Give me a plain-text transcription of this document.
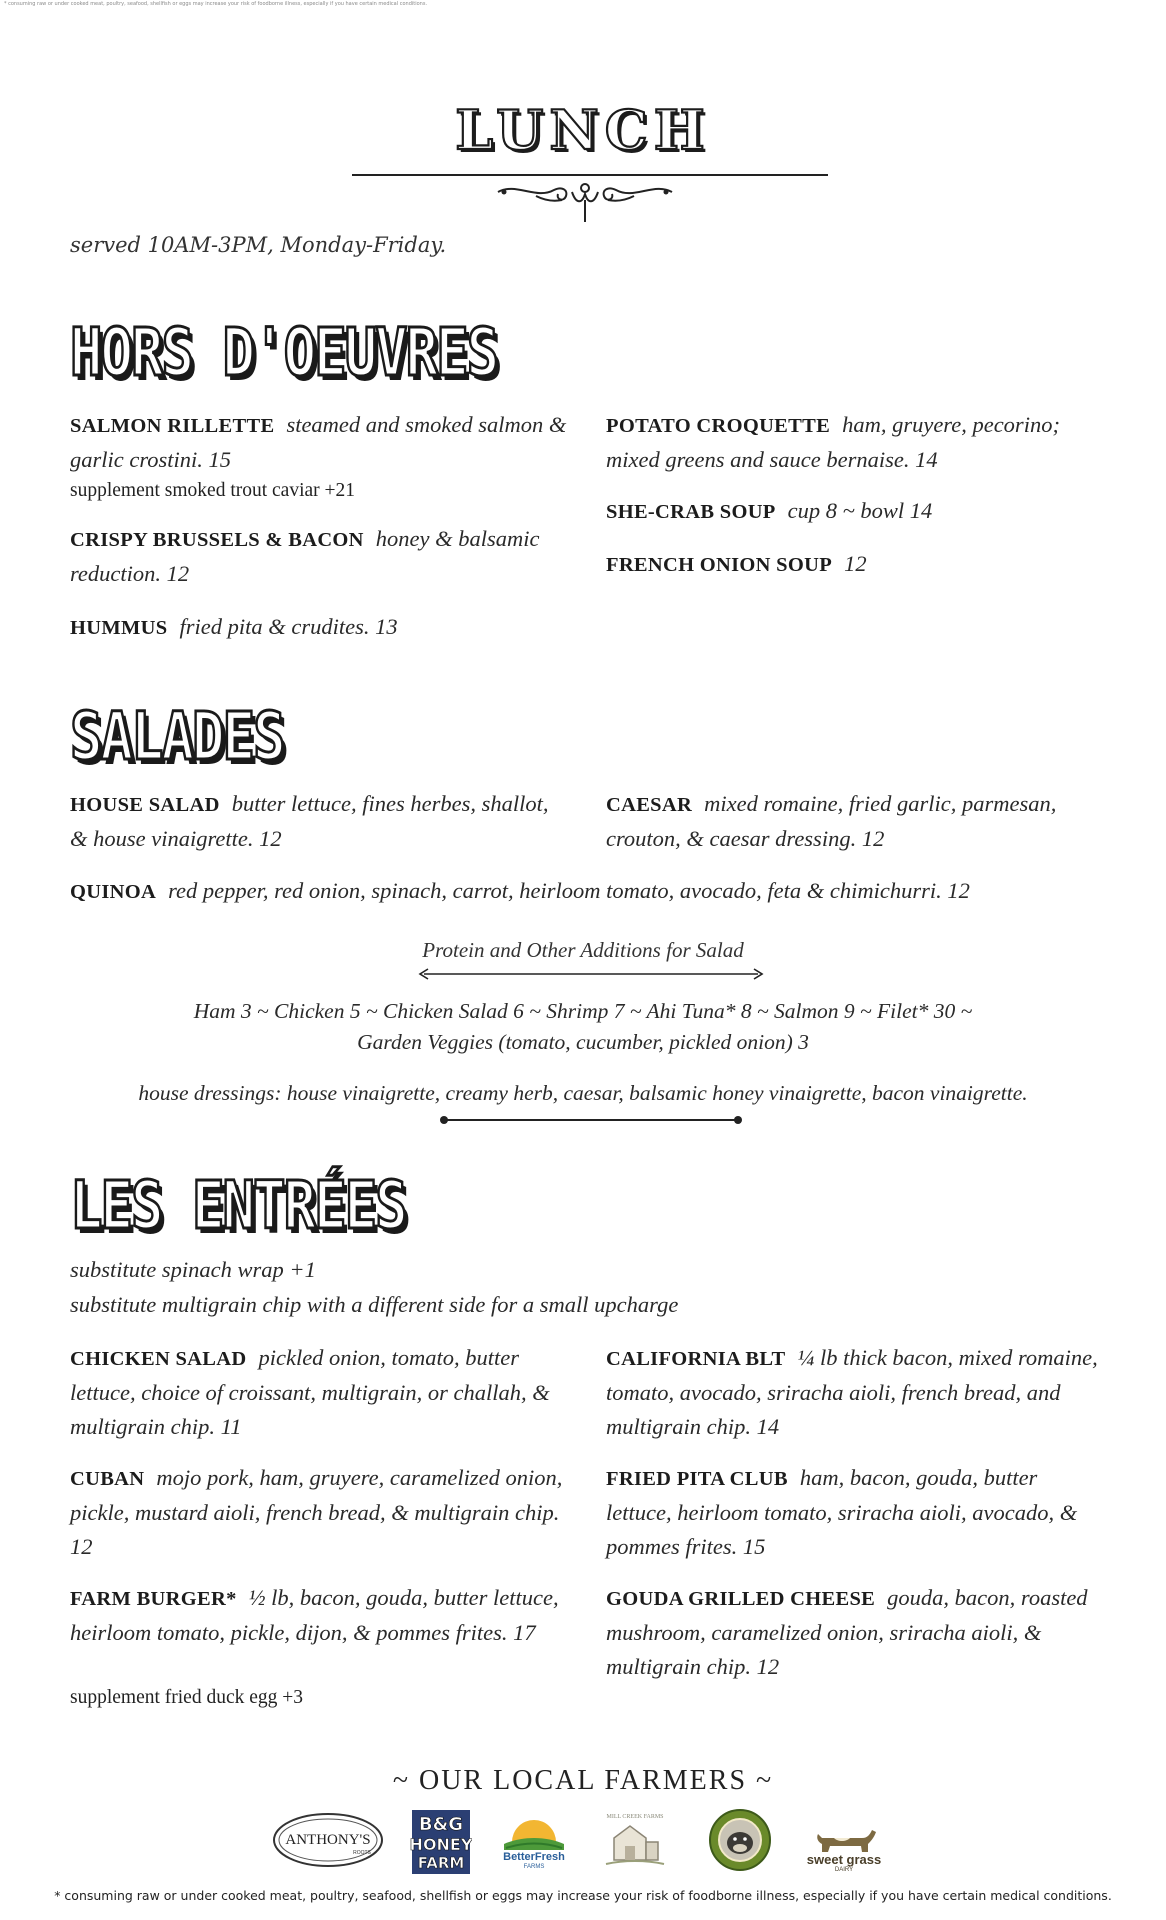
* consuming raw or under cooked meat, poultry, seafood, shellfish or eggs may increase your risk of foodborne illness, especially if you have certain medical conditions.
LUNCH
served 10AM-3PM, Monday-Friday.
HORS D'OEUVRES
SALMON RILLETTE steamed and smoked salmon & garlic crostini. 15
supplement smoked trout caviar +21
CRISPY BRUSSELS & BACON honey & balsamic reduction. 12
HUMMUS fried pita & crudites. 13
POTATO CROQUETTE ham, gruyere, pecorino; mixed greens and sauce bernaise. 14
SHE-CRAB SOUP cup 8 ~ bowl 14
FRENCH ONION SOUP 12
SALADES
HOUSE SALAD butter lettuce, fines herbes, shallot, & house vinaigrette. 12
CAESAR mixed romaine, fried garlic, parmesan, crouton, & caesar dressing. 12
QUINOA red pepper, red onion, spinach, carrot, heirloom tomato, avocado, feta & chimichurri. 12
Protein and Other Additions for Salad
Ham 3 ~ Chicken 5 ~ Chicken Salad 6 ~ Shrimp 7 ~ Ahi Tuna* 8 ~ Salmon 9 ~ Filet* 30 ~
Garden Veggies (tomato, cucumber, pickled onion) 3
house dressings: house vinaigrette, creamy herb, caesar, balsamic honey vinaigrette, bacon vinaigrette.
LES ENTRÉES
substitute spinach wrap +1
substitute multigrain chip with a different side for a small upcharge
CHICKEN SALAD pickled onion, tomato, butter lettuce, choice of croissant, multigrain, or challah, & multigrain chip. 11
CUBAN mojo pork, ham, gruyere, caramelized onion, pickle, mustard aioli, french bread, & multigrain chip. 12
FARM BURGER* ½ lb, bacon, gouda, butter lettuce, heirloom tomato, pickle, dijon, & pommes frites. 17
supplement fried duck egg +3
CALIFORNIA BLT ¼ lb thick bacon, mixed romaine, tomato, avocado, sriracha aioli, french bread, and multigrain chip. 14
FRIED PITA CLUB ham, bacon, gouda, butter lettuce, heirloom tomato, sriracha aioli, avocado, & pommes frites. 15
GOUDA GRILLED CHEESE gouda, bacon, roasted mushroom, caramelized onion, sriracha aioli, & multigrain chip. 12
~ OUR LOCAL FARMERS ~
ANTHONY'S
ROOTS
B&G
HONEY
FARM	BetterFresh
FARMS
MILL CREEK FARMS
sweet grass
DAIRY
* consuming raw or under cooked meat, poultry, seafood, shellfish or eggs may increase your risk of foodborne illness, especially if you have certain medical conditions.
